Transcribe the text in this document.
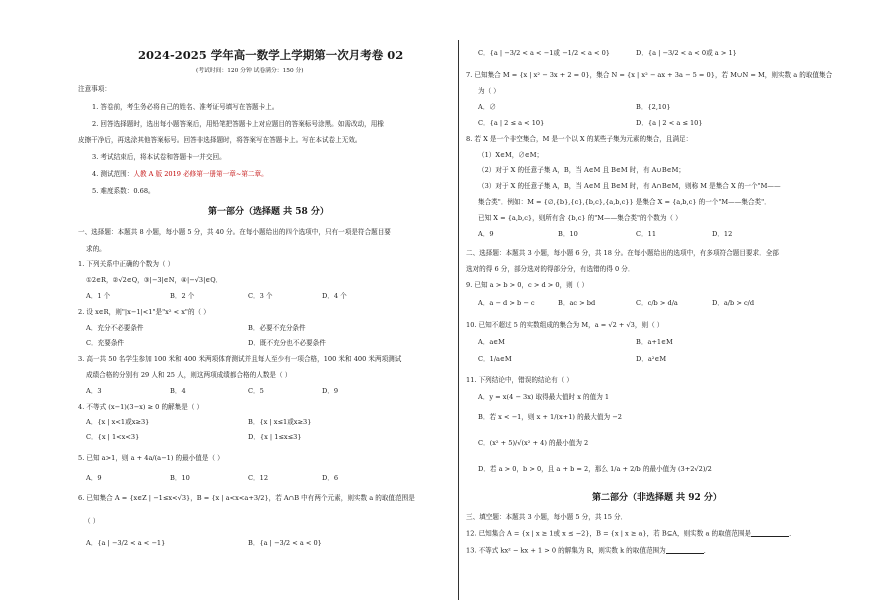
2024-2025 学年高一数学上学期第一次月考卷 02
(考试时间：120 分钟 试卷满分：150 分)
注意事项：
1. 答卷前，考生务必将自己的姓名、准考证号填写在答题卡上。
2. 回答选择题时，选出每小题答案后，用铅笔把答题卡上对应题目的答案标号涂黑。如需改动，用橡
皮擦干净后，再选涂其他答案标号。回答非选择题时，将答案写在答题卡上。写在本试卷上无效。
3. 考试结束后，将本试卷和答题卡一并交回。
4. 测试范围：人教 A 版 2019 必修第一册第一章~第二章。
5. 难度系数：0.68。
第一部分（选择题 共 58 分）
一、选择题：本题共 8 小题，每小题 5 分，共 40 分。在每小题给出的四个选项中，只有一项是符合题目要
求的。
1. 下列关系中正确的个数为（ ）
①2∈R，②√2∈Q，③|−3|∈N，④|−√3|∈Q．
A．1 个	B．2 个	C．3 个	D．4 个
2. 设 x∈R，则"|x−1|<1"是"x² < x"的（ ）
A．充分不必要条件	B．必要不充分条件
C．充要条件	D．既不充分也不必要条件
3. 高一共 50 名学生参加 100 米和 400 米两项体育测试并且每人至少有一项合格，100 米和 400 米两项测试
成绩合格的分别有 29 人和 25 人，则这两项成绩都合格的人数是（ ）
A．3	B．4	C．5	D．9
4. 不等式 (x−1)(3−x) ≥ 0 的解集是（ ）
A．{x | x<1或x≥3}	B．{x | x≤1或x≥3}
C．{x | 1<x<3}	D．{x | 1≤x≤3}
5. 已知 a>1，则 a + 4a/(a−1) 的最小值是（ ）
A．9	B．10	C．12	D．6
6. 已知集合 A = {x∈Z | −1≤x<√3}，B = {x | a<x<a+3/2}，若 A∩B 中有两个元素，则实数 a 的取值范围是
（ ）
A．{a | −3/2 < a < −1}	B．{a | −3/2 < a < 0}
C．{a | −3/2 < a < −1或 −1/2 < a < 0}	D．{a | −3/2 < a < 0或 a > 1}
7. 已知集合 M = {x | x² − 3x + 2 = 0}，集合 N = {x | x² − ax + 3a − 5 = 0}，若 M∪N = M，则实数 a 的取值集合
为（ ）
A．∅	B．{2,10}
C．{a | 2 ≤ a < 10}	D．{a | 2 < a ≤ 10}
8. 若 X 是一个非空集合，M 是一个以 X 的某些子集为元素的集合，且满足：
（1）X∈M，∅∈M；
（2）对于 X 的任意子集 A，B，当 A∈M 且 B∈M 时，有 A∪B∈M；
（3）对于 X 的任意子集 A，B，当 A∈M 且 B∈M 时，有 A∩B∈M，则称 M 是集合 X 的一个"M——
集合类"．例如：M = {∅,{b},{c},{b,c},{a,b,c}} 是集合 X = {a,b,c} 的一个"M——集合类"．
已知 X = {a,b,c}，则所有含 {b,c} 的"M——集合类"的个数为（ ）
A．9	B．10	C．11	D．12
二、选择题：本题共 3 小题，每小题 6 分，共 18 分。在每小题给出的选项中，有多项符合题目要求．全部
选对的得 6 分，部分选对的得部分分，有选错的得 0 分．
9. 已知 a > b > 0，c > d > 0，则（ ）
A．a − d > b − c	B．ac > bd	C．c/b > d/a	D．a/b > c/d
10. 已知不超过 5 的实数组成的集合为 M，a = √2 + √3，则（ ）
A．a∈M	B．a+1∈M
C．1/a∈M	D．a²∈M
11. 下列结论中，错误的结论有（ ）
A．y = x(4 − 3x) 取得最大值时 x 的值为 1
B．若 x < −1，则 x + 1/(x+1) 的最大值为 −2
C．(x² + 5)/√(x² + 4) 的最小值为 2
D．若 a > 0，b > 0，且 a + b = 2，那么 1/a + 2/b 的最小值为 (3+2√2)/2
第二部分（非选择题 共 92 分）
三、填空题：本题共 3 小题，每小题 5 分，共 15 分．
12. 已知集合 A = {x | x ≥ 1或 x ≤ −2}，B = {x | x ≥ a}，若 B⊆A，则实数 a 的取值范围是	．
13. 不等式 kx² − kx + 1 > 0 的解集为 R，则实数 k 的取值范围为	．
